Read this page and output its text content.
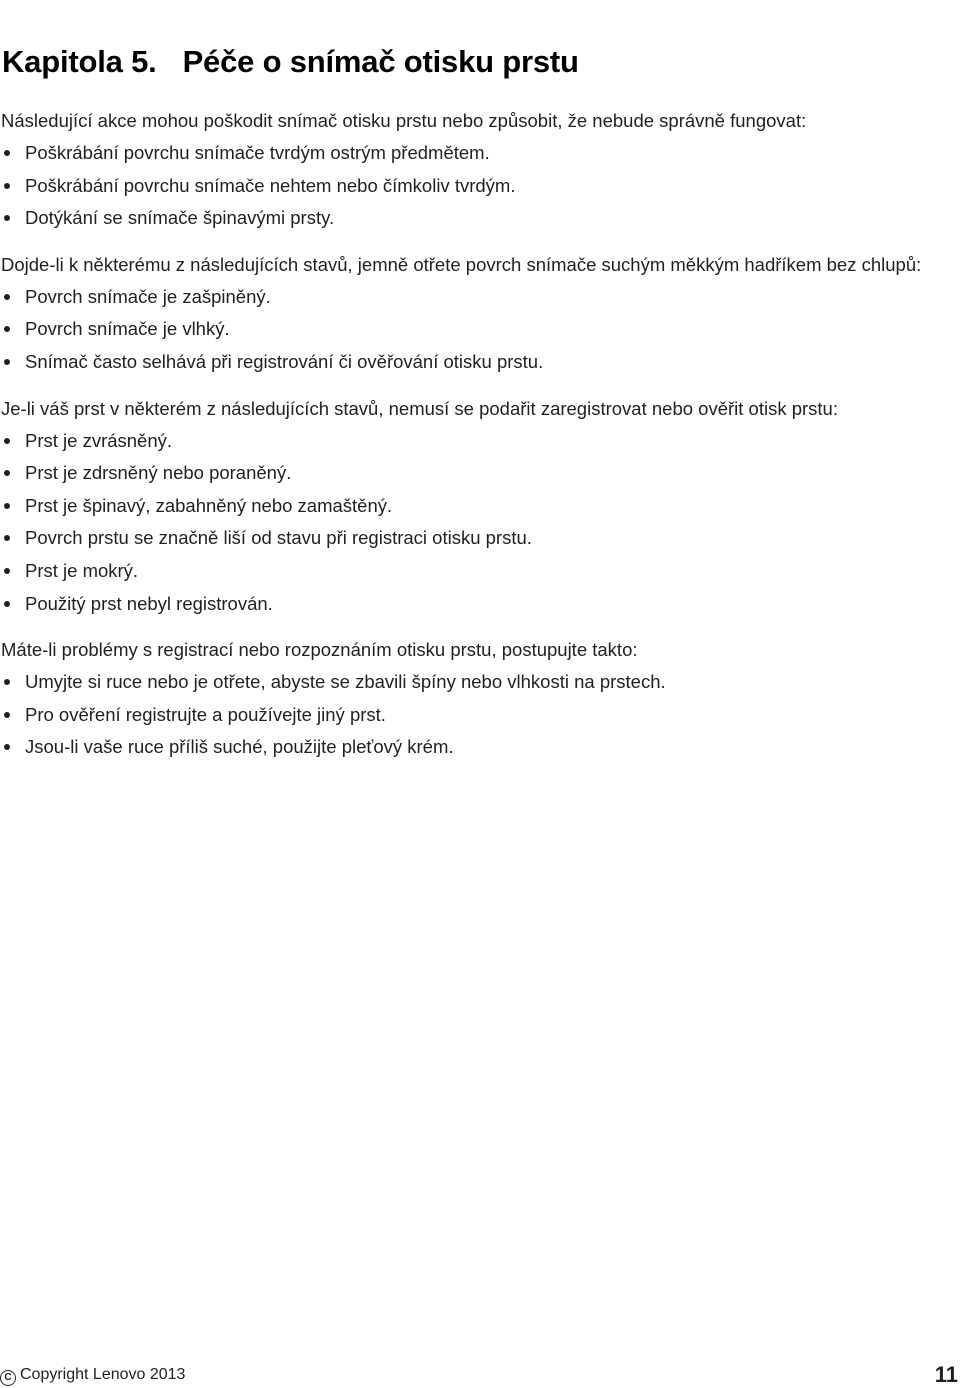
Kapitola 5. Péče o snímač otisku prstu

Následující akce mohou poškodit snímač otisku prstu nebo způsobit, že nebude správně fungovat:

Poškrábání povrchu snímače tvrdým ostrým předmětem.
Poškrábání povrchu snímače nehtem nebo čímkoliv tvrdým.
Dotýkání se snímače špinavými prsty.

Dojde-li k některému z následujících stavů, jemně otřete povrch snímače suchým měkkým hadříkem bez chlupů:

Povrch snímače je zašpiněný.
Povrch snímače je vlhký.
Snímač často selhává při registrování či ověřování otisku prstu.

Je-li váš prst v některém z následujících stavů, nemusí se podařit zaregistrovat nebo ověřit otisk prstu:

Prst je zvrásněný.
Prst je zdrsněný nebo poraněný.
Prst je špinavý, zabahněný nebo zamaštěný.
Povrch prstu se značně liší od stavu při registraci otisku prstu.
Prst je mokrý.
Použitý prst nebyl registrován.

Máte-li problémy s registrací nebo rozpoznáním otisku prstu, postupujte takto:

Umyjte si ruce nebo je otřete, abyste se zbavili špíny nebo vlhkosti na prstech.
Pro ověření registrujte a používejte jiný prst.
Jsou-li vaše ruce příliš suché, použijte pleťový krém.
C Copyright Lenovo 2013	11
